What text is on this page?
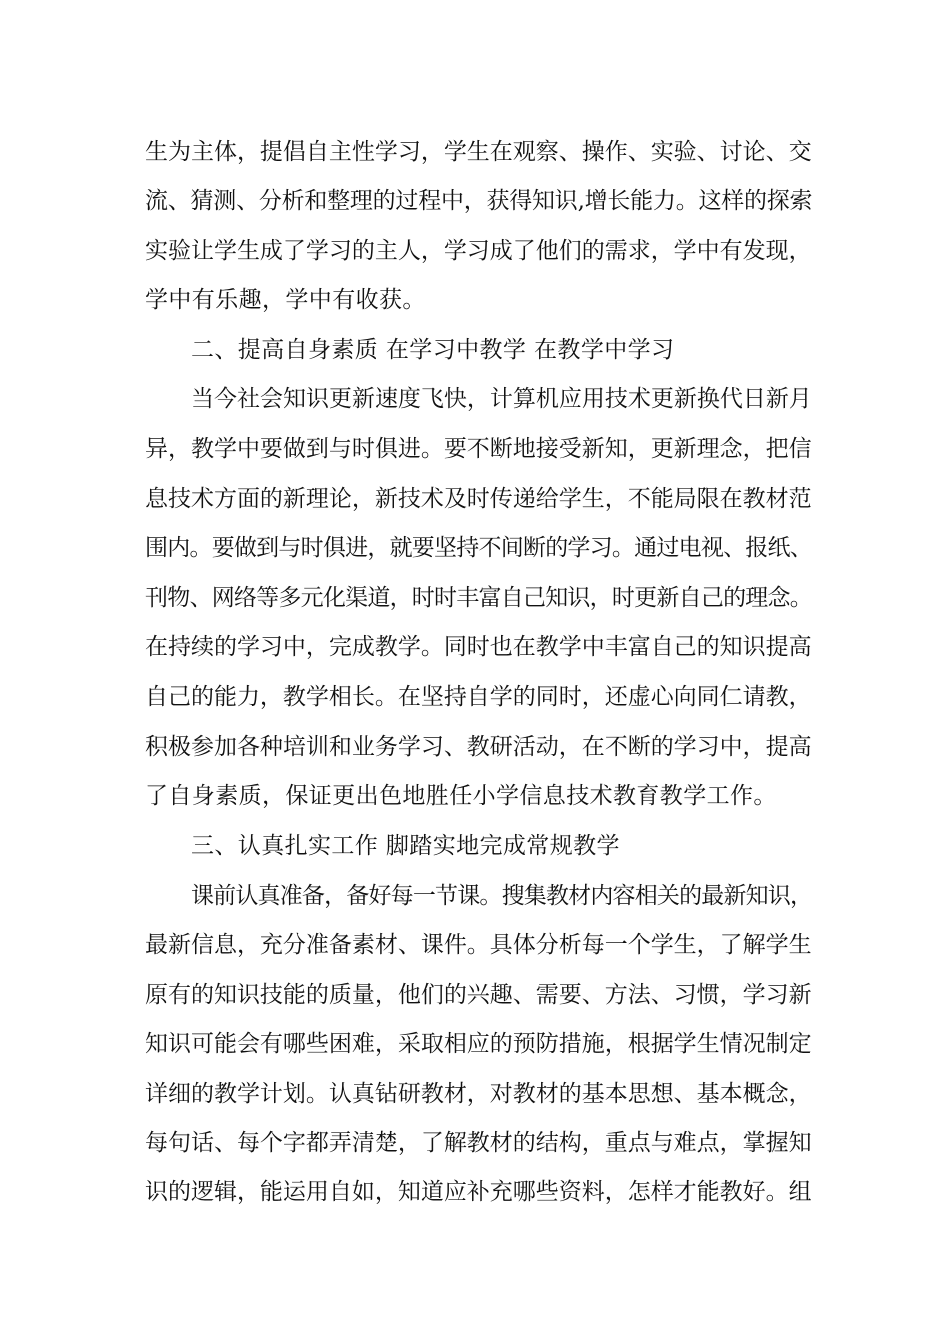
生为主体，提倡自主性学习，学生在观察、操作、实验、讨论、交
流、猜测、分析和整理的过程中，获得知识,增长能力。这样的探索
实验让学生成了学习的主人，学习成了他们的需求，学中有发现，
学中有乐趣，学中有收获。
二、提高自身素质 在学习中教学 在教学中学习
当今社会知识更新速度飞快，计算机应用技术更新换代日新月
异，教学中要做到与时俱进。要不断地接受新知，更新理念，把信
息技术方面的新理论，新技术及时传递给学生，不能局限在教材范
围内。要做到与时俱进，就要坚持不间断的学习。通过电视、报纸、
刊物、网络等多元化渠道，时时丰富自己知识，时更新自己的理念。
在持续的学习中，完成教学。同时也在教学中丰富自己的知识提高
自己的能力，教学相长。在坚持自学的同时，还虚心向同仁请教，
积极参加各种培训和业务学习、教研活动，在不断的学习中，提高
了自身素质，保证更出色地胜任小学信息技术教育教学工作。
三、认真扎实工作 脚踏实地完成常规教学
课前认真准备，备好每一节课。搜集教材内容相关的最新知识，
最新信息，充分准备素材、课件。具体分析每一个学生，了解学生
原有的知识技能的质量，他们的兴趣、需要、方法、习惯，学习新
知识可能会有哪些困难，采取相应的预防措施，根据学生情况制定
详细的教学计划。认真钻研教材，对教材的基本思想、基本概念，
每句话、每个字都弄清楚，了解教材的结构，重点与难点，掌握知
识的逻辑，能运用自如，知道应补充哪些资料，怎样才能教好。组
